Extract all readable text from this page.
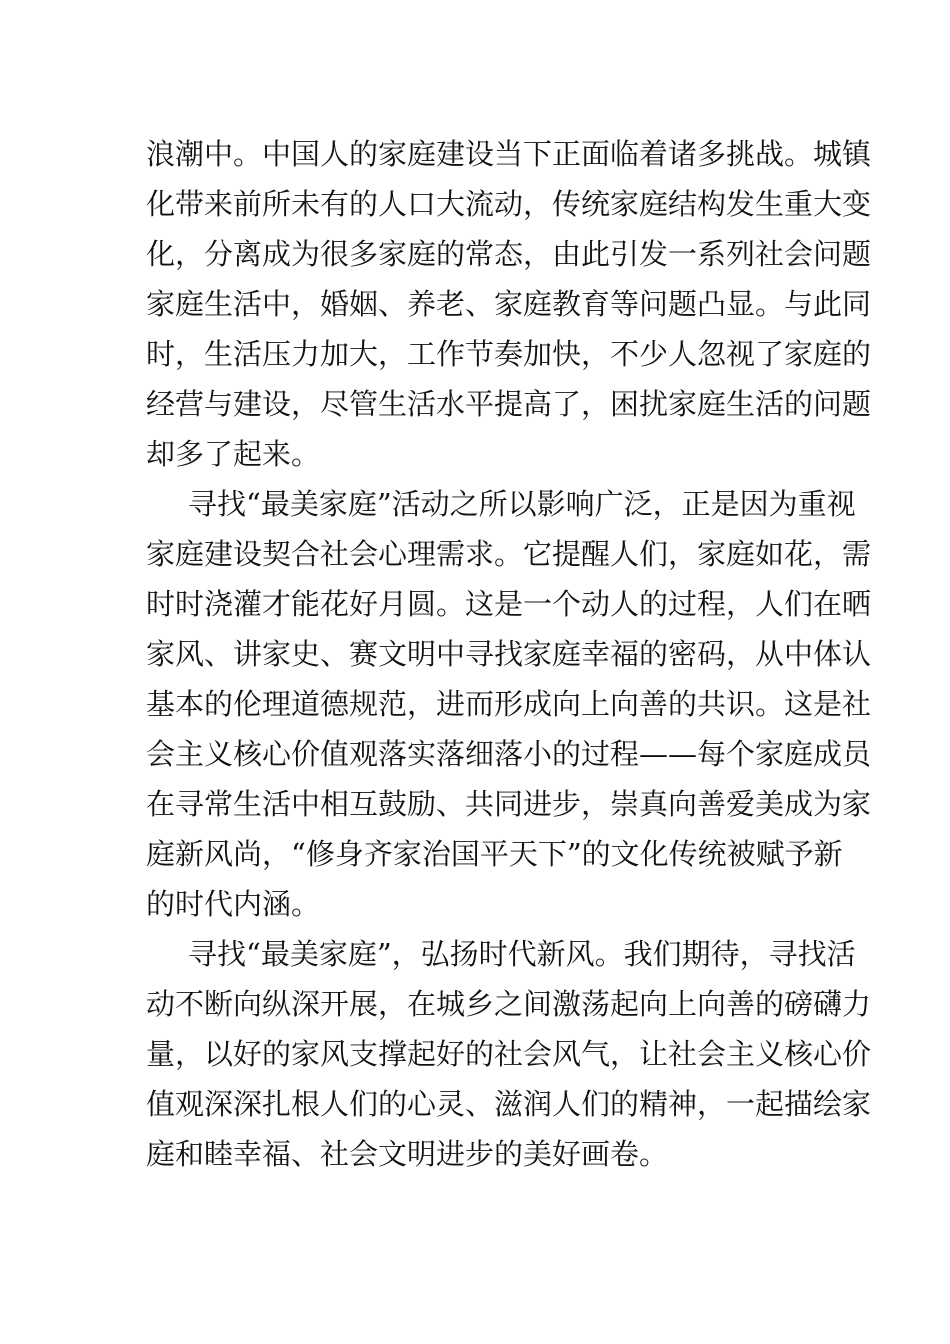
浪潮中。中国人的家庭建设当下正面临着诸多挑战。城镇
化带来前所未有的人口大流动，传统家庭结构发生重大变
化，分离成为很多家庭的常态，由此引发一系列社会问题
家庭生活中，婚姻、养老、家庭教育等问题凸显。与此同
时，生活压力加大，工作节奏加快，不少人忽视了家庭的
经营与建设，尽管生活水平提高了，困扰家庭生活的问题
却多了起来。
寻找“最美家庭”活动之所以影响广泛，正是因为重视
家庭建设契合社会心理需求。它提醒人们，家庭如花，需
时时浇灌才能花好月圆。这是一个动人的过程，人们在晒
家风、讲家史、赛文明中寻找家庭幸福的密码，从中体认
基本的伦理道德规范，进而形成向上向善的共识。这是社
会主义核心价值观落实落细落小的过程——每个家庭成员
在寻常生活中相互鼓励、共同进步，崇真向善爱美成为家
庭新风尚，“修身齐家治国平天下”的文化传统被赋予新
的时代内涵。
寻找“最美家庭”，弘扬时代新风。我们期待，寻找活
动不断向纵深开展，在城乡之间激荡起向上向善的磅礴力
量，以好的家风支撑起好的社会风气，让社会主义核心价
值观深深扎根人们的心灵、滋润人们的精神，一起描绘家
庭和睦幸福、社会文明进步的美好画卷。
